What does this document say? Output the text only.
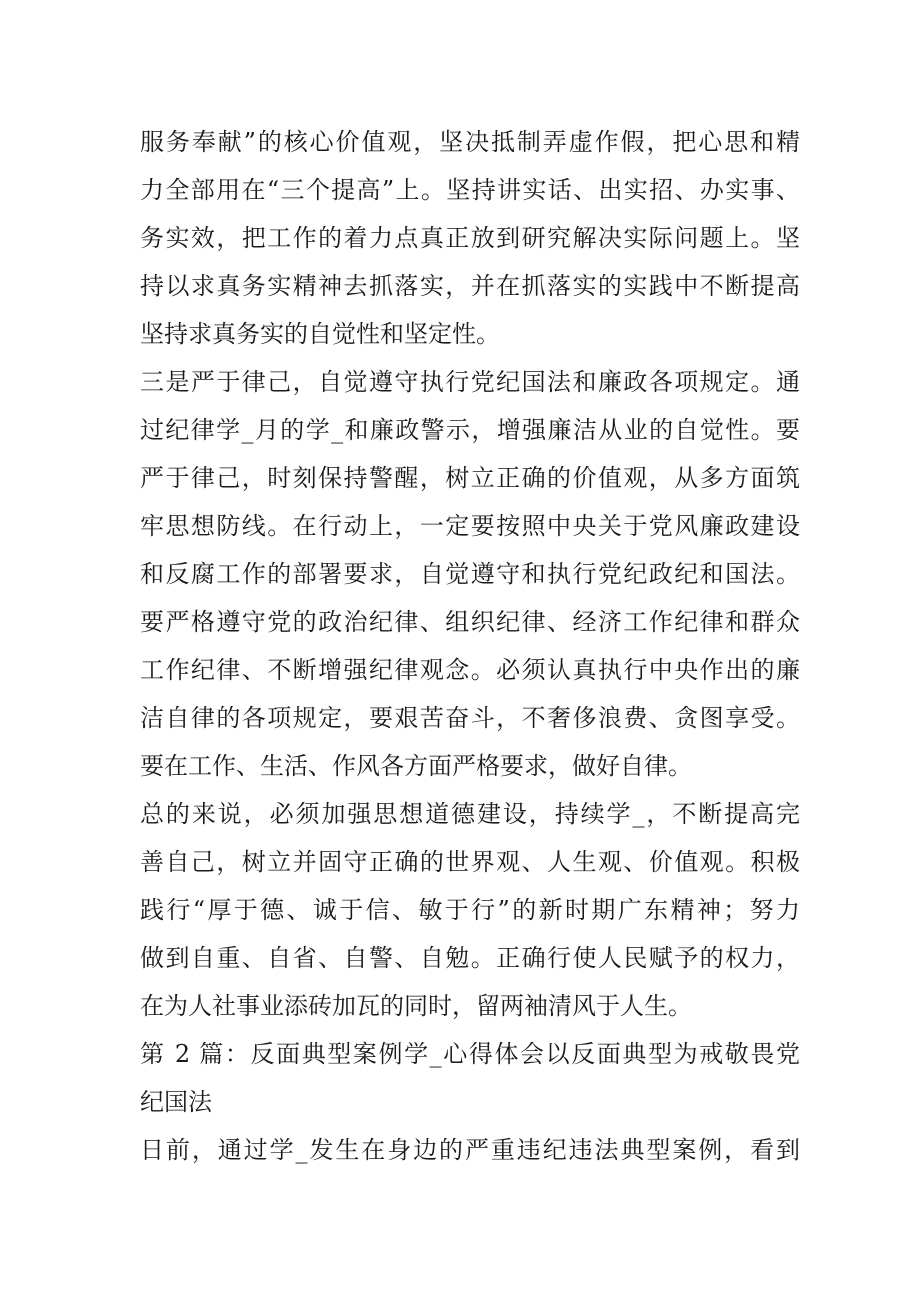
服务奉献”的核心价值观，坚决抵制弄虚作假，把心思和精
力全部用在“三个提高”上。坚持讲实话、出实招、办实事、
务实效，把工作的着力点真正放到研究解决实际问题上。坚
持以求真务实精神去抓落实，并在抓落实的实践中不断提高
坚持求真务实的自觉性和坚定性。
三是严于律己，自觉遵守执行党纪国法和廉政各项规定。通
过纪律学_月的学_和廉政警示，增强廉洁从业的自觉性。要
严于律己，时刻保持警醒，树立正确的价值观，从多方面筑
牢思想防线。在行动上，一定要按照中央关于党风廉政建设
和反腐工作的部署要求，自觉遵守和执行党纪政纪和国法。
要严格遵守党的政治纪律、组织纪律、经济工作纪律和群众
工作纪律、不断增强纪律观念。必须认真执行中央作出的廉
洁自律的各项规定，要艰苦奋斗，不奢侈浪费、贪图享受。
要在工作、生活、作风各方面严格要求，做好自律。
总的来说，必须加强思想道德建设，持续学_，不断提高完
善自己，树立并固守正确的世界观、人生观、价值观。积极
践行“厚于德、诚于信、敏于行”的新时期广东精神；努力
做到自重、自省、自警、自勉。正确行使人民赋予的权力，
在为人社事业添砖加瓦的同时，留两袖清风于人生。
第 2 篇：反面典型案例学_心得体会以反面典型为戒敬畏党
纪国法
日前，通过学_发生在身边的严重违纪违法典型案例，看到
